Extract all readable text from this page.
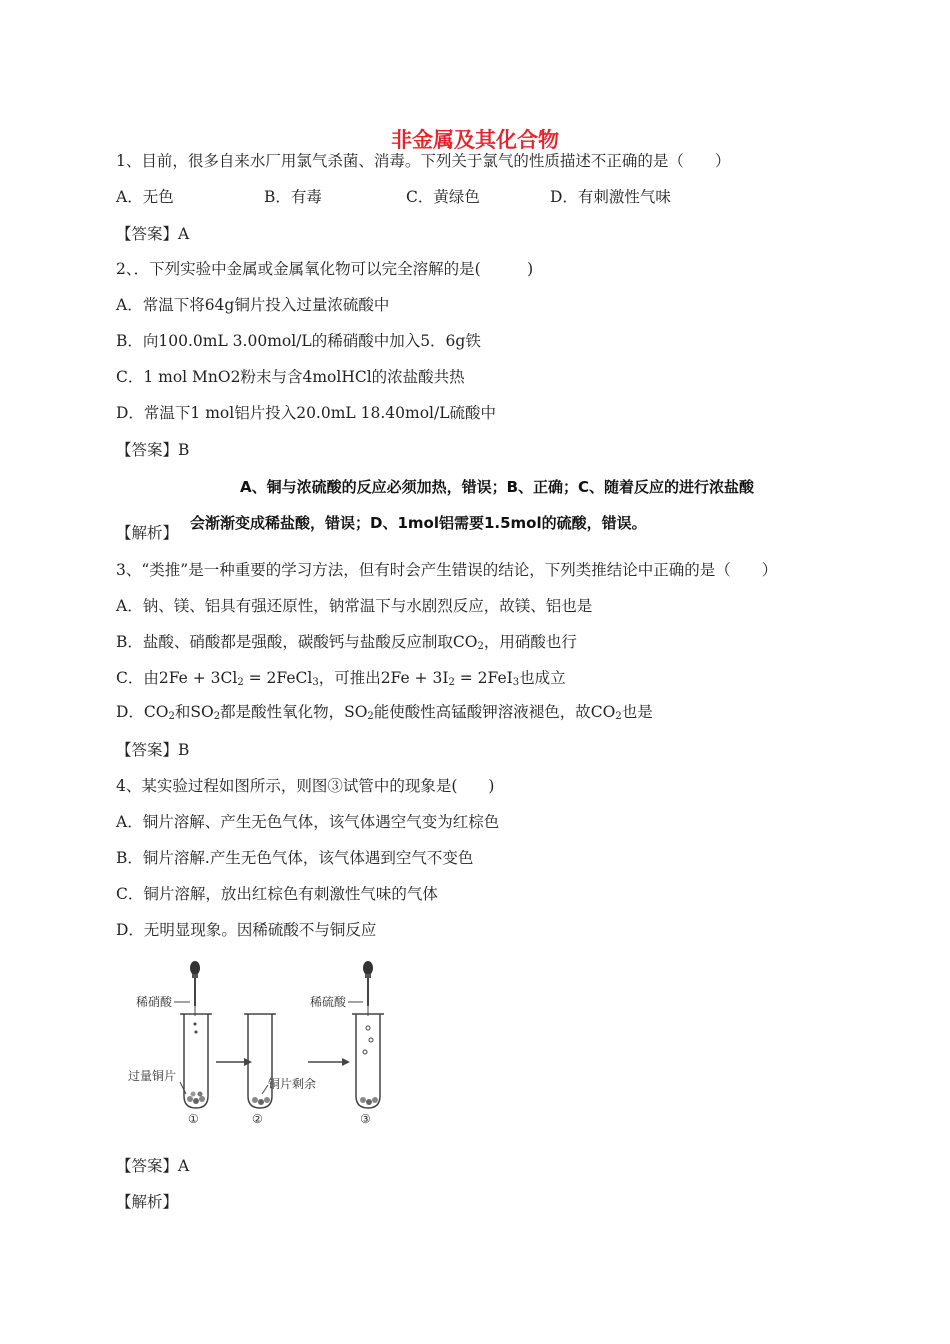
非金属及其化合物
1、目前，很多自来水厂用氯气杀菌、消毒。下列关于氯气的性质描述不正确的是（　　）
A．无色	B．有毒	C．黄绿色	D．有刺激性气味
【答案】A
2、．下列实验中金属或金属氧化物可以完全溶解的是(　　　)
A．常温下将64g铜片投入过量浓硫酸中
B．向100.0mL 3.00mol/L的稀硝酸中加入5．6g铁
C．1 mol MnO2粉末与含4molHCl的浓盐酸共热
D．常温下1 mol铝片投入20.0mL 18.40mol/L硫酸中
【答案】B
A、铜与浓硫酸的反应必须加热，错误；B、正确；C、随着反应的进行浓盐酸
【解析】
会渐渐变成稀盐酸，错误；D、1mol铝需要1.5mol的硫酸，错误。
3、“类推”是一种重要的学习方法，但有时会产生错误的结论，下列类推结论中正确的是（　　）
A．钠、镁、铝具有强还原性，钠常温下与水剧烈反应，故镁、铝也是
B．盐酸、硝酸都是强酸，碳酸钙与盐酸反应制取$CO_2$，用硝酸也行
C．由$2Fe + 3Cl_2$ = 2FeCl$_3$，可推出$2Fe + 3I_2 = 2FeI_3$也成立
D．$CO_2$和$SO_2$都是酸性氧化物，$SO_2$能使酸性高锰酸钾溶液褪色，故$CO_2$也是
【答案】B
4、某实验过程如图所示，则图③试管中的现象是(　　)
A．铜片溶解、产生无色气体，该气体遇空气变为红棕色
B．铜片溶解.产生无色气体，该气体遇到空气不变色
C．铜片溶解，放出红棕色有刺激性气味的气体
D．无明显现象。因稀硫酸不与铜反应
稀硝酸
过量铜片
①
铜片剩余
②
稀硫酸
③
【答案】A
【解析】
